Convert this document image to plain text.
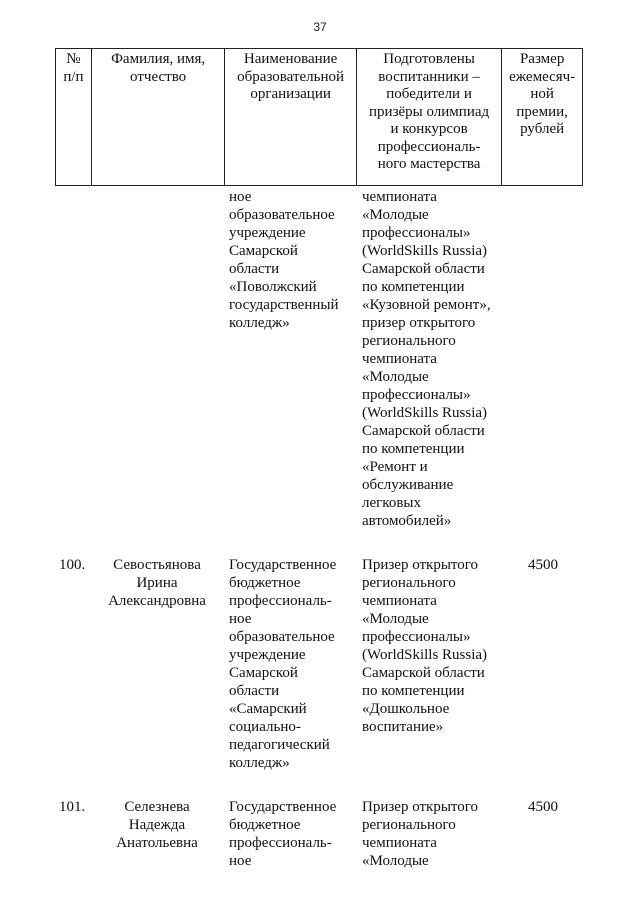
37
№
п/п
Фамилия, имя,
отчество
Наименование
образовательной
организации
Подготовлены
воспитанники –
победители и
призёры олимпиад
и конкурсов
профессиональ-
ного мастерства
Размер
ежемесяч-
ной
премии,
рублей
ное
образовательное
учреждение
Самарской
области
«Поволжский
государственный
колледж»
чемпионата
«Молодые
профессионалы»
(WorldSkills Russia)
Самарской области
по компетенции
«Кузовной ремонт»,
призер открытого
регионального
чемпионата
«Молодые
профессионалы»
(WorldSkills Russia)
Самарской области
по компетенции
«Ремонт и
обслуживание
легковых
автомобилей»
100.	Севостьянова
Ирина
Александровна
Государственное
бюджетное
профессиональ-
ное
образовательное
учреждение
Самарской
области
«Самарский
социально-
педагогический
колледж»
Призер открытого
регионального
чемпионата
«Молодые
профессионалы»
(WorldSkills Russia)
Самарской области
по компетенции
«Дошкольное
воспитание»
4500
101.	Селезнева
Надежда
Анатольевна
Государственное
бюджетное
профессиональ-
ное
Призер открытого
регионального
чемпионата
«Молодые
4500
